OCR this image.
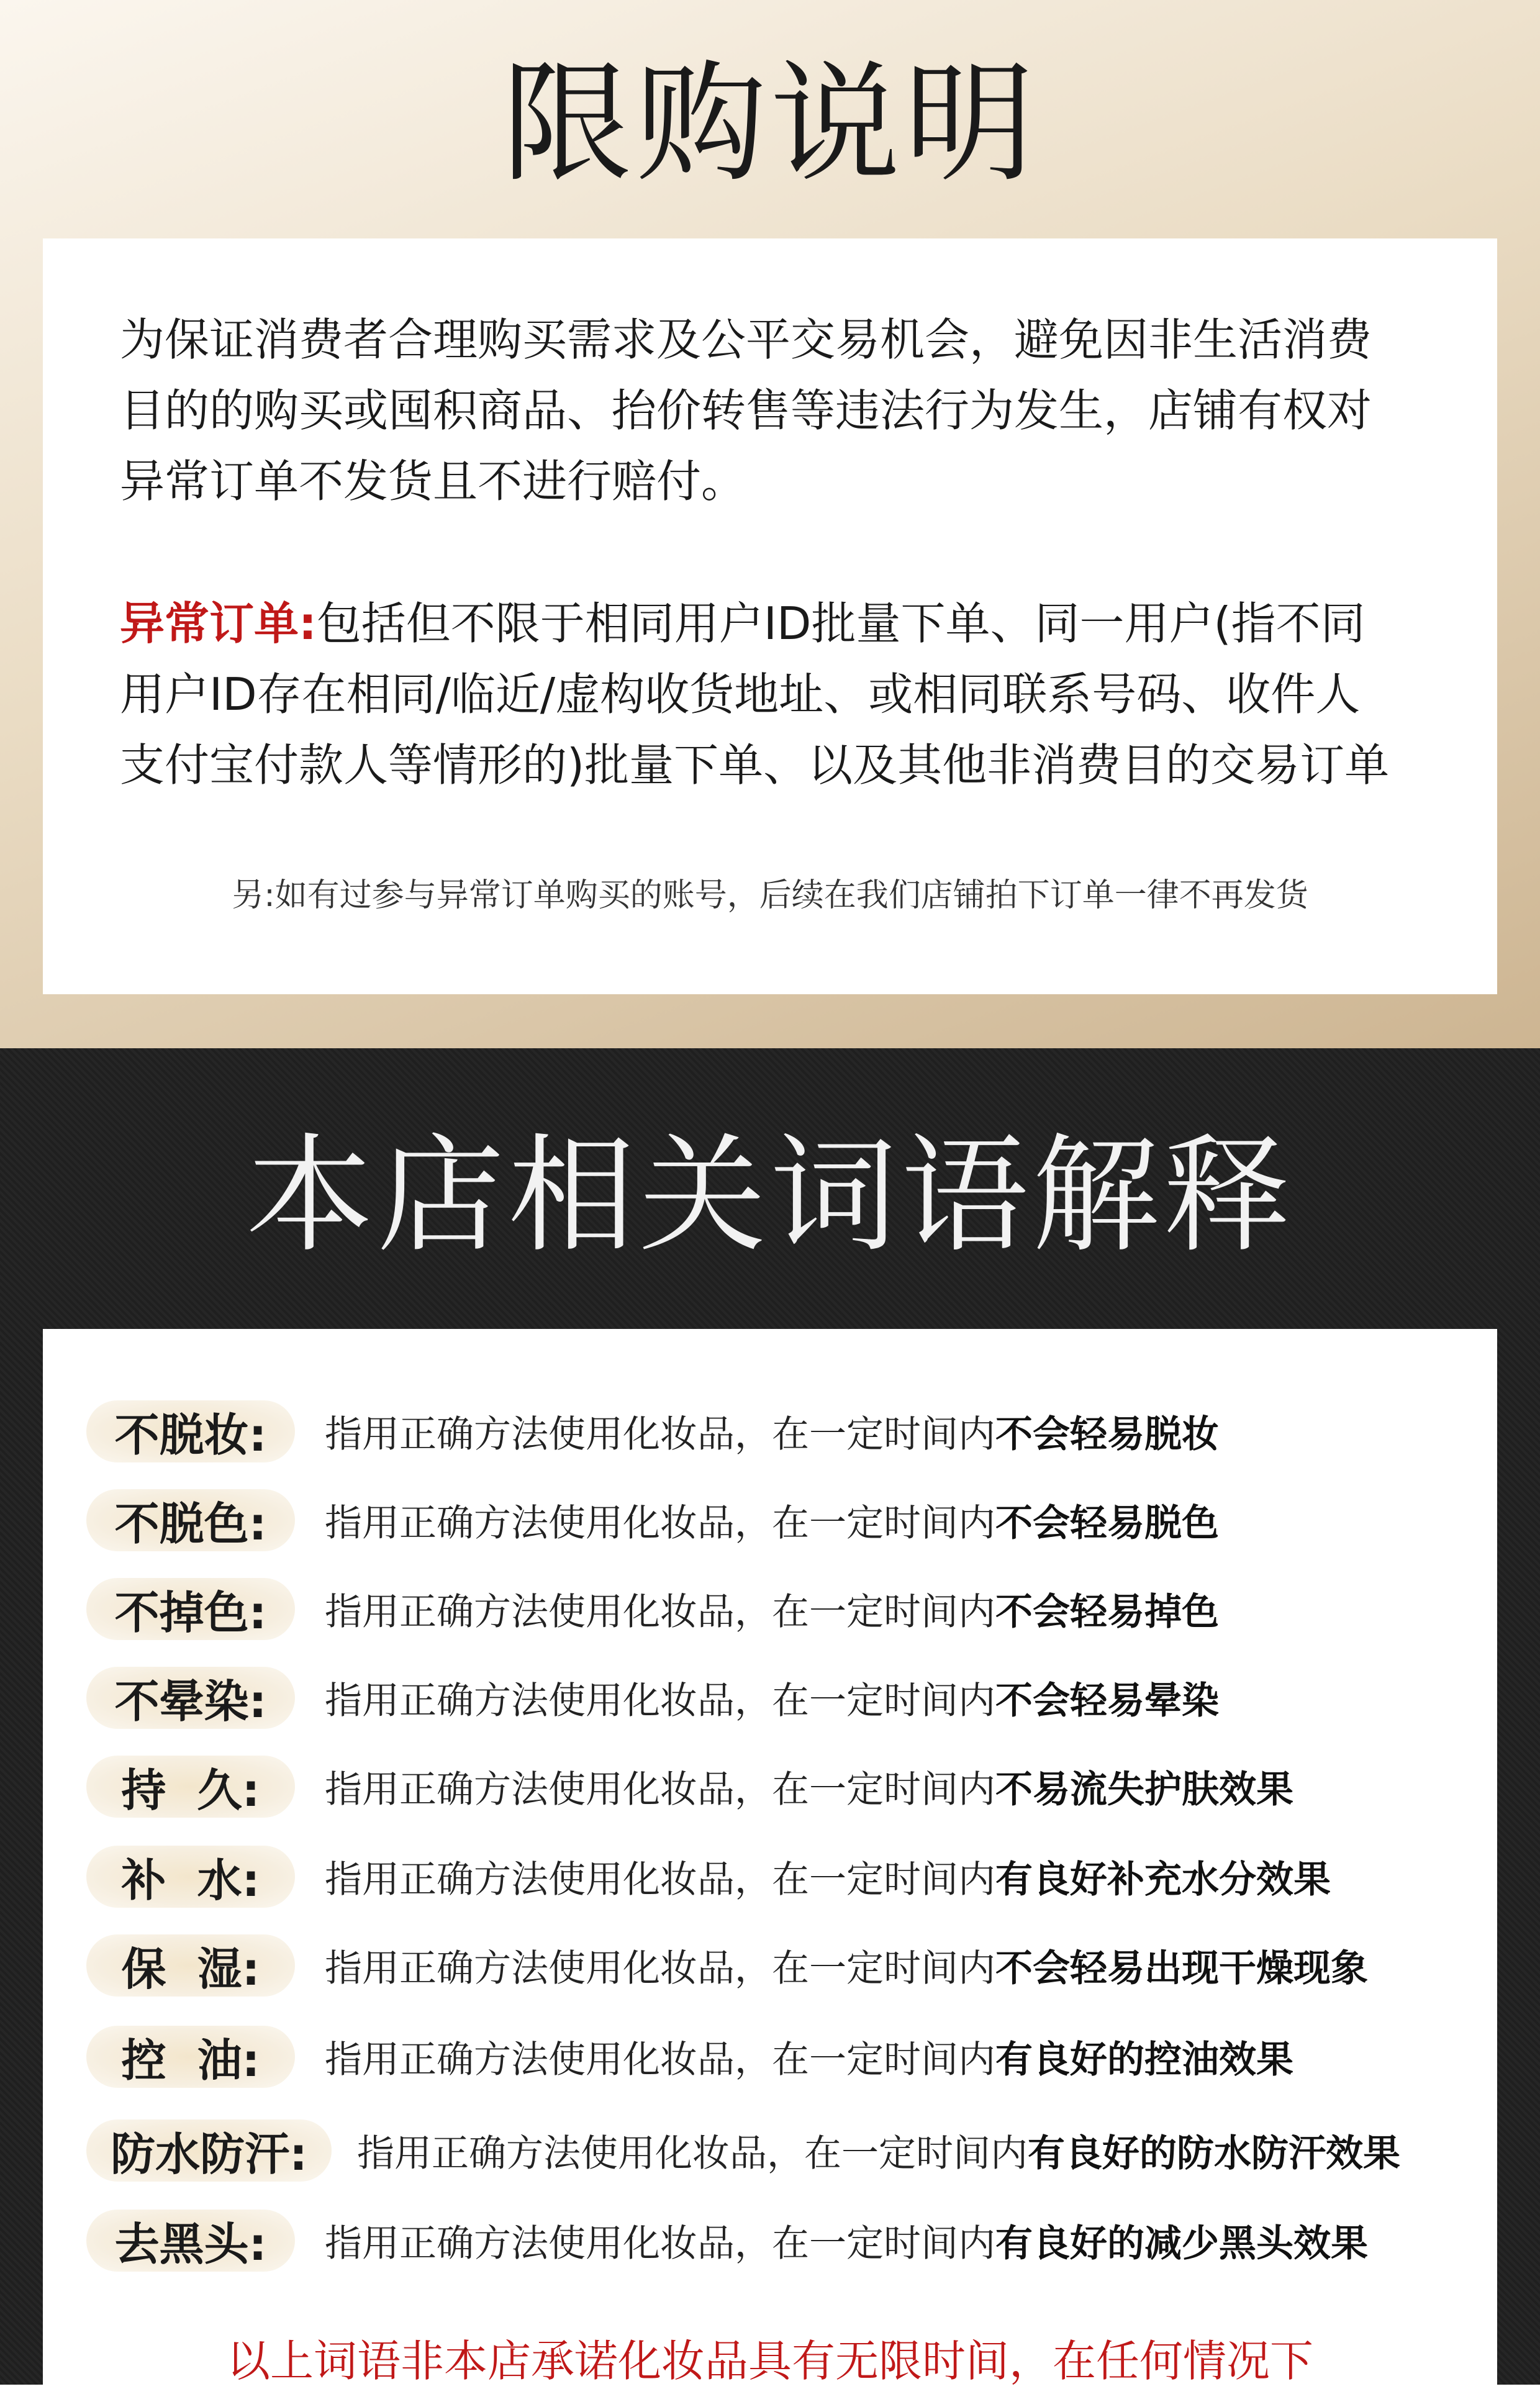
限购说明
为保证消费者合理购买需求及公平交易机会，避免因非生活消费
目的的购买或囤积商品、抬价转售等违法行为发生，店铺有权对
异常订单不发货且不进行赔付。
异常订单:包括但不限于相同用户ID批量下单、同一用户(指不同
用户ID存在相同/临近/虚构收货地址、或相同联系号码、收件人
支付宝付款人等情形的)批量下单、以及其他非消费目的交易订单
另:如有过参与异常订单购买的账号，后续在我们店铺拍下订单一律不再发货
本店相关词语解释
不脱妆:	指用正确方法使用化妆品，在一定时间内不会轻易脱妆
不脱色:	指用正确方法使用化妆品，在一定时间内不会轻易脱色
不掉色:	指用正确方法使用化妆品，在一定时间内不会轻易掉色
不晕染:	指用正确方法使用化妆品，在一定时间内不会轻易晕染
持  久:	指用正确方法使用化妆品，在一定时间内不易流失护肤效果
补  水:	指用正确方法使用化妆品，在一定时间内有良好补充水分效果
保  湿:	指用正确方法使用化妆品，在一定时间内不会轻易出现干燥现象
控  油:	指用正确方法使用化妆品，在一定时间内有良好的控油效果
防水防汗:	指用正确方法使用化妆品，在一定时间内有良好的防水防汗效果
去黑头:	指用正确方法使用化妆品，在一定时间内有良好的减少黑头效果
以上词语非本店承诺化妆品具有无限时间，在任何情况下
